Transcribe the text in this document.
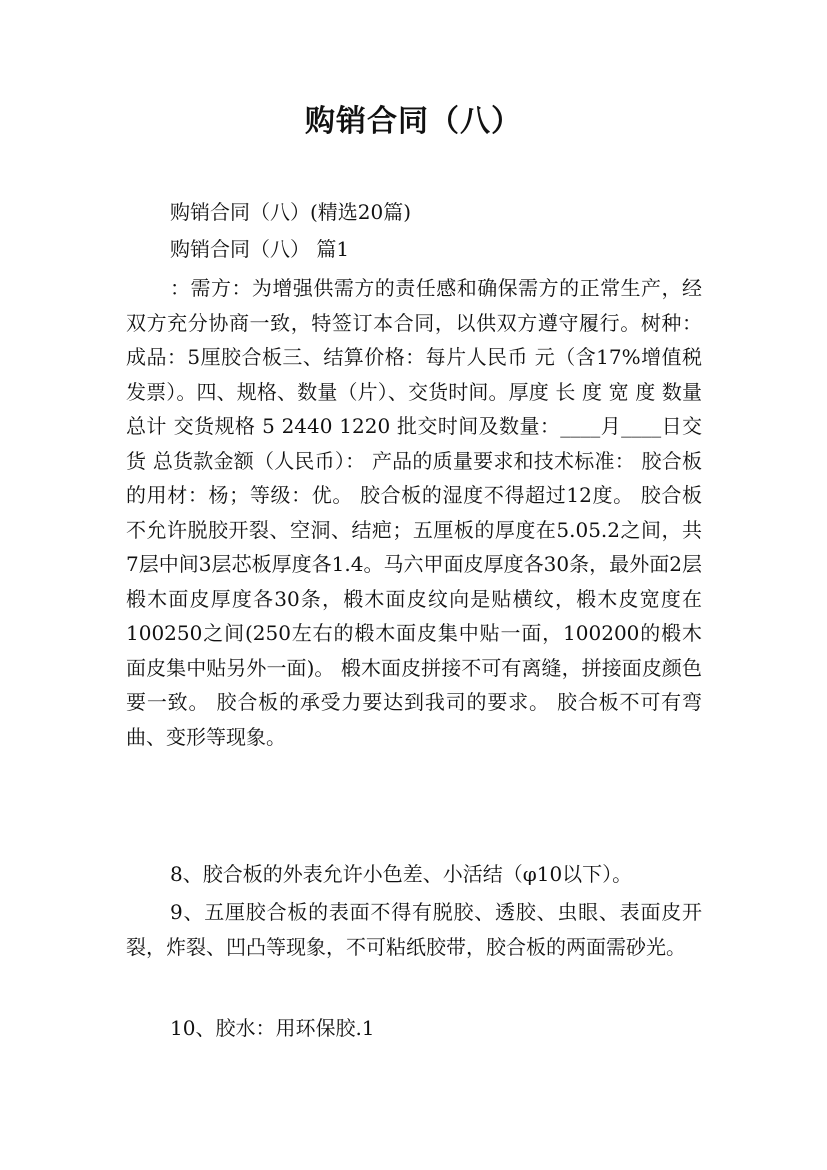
购销合同（八）

购销合同（八）(精选20篇)

购销合同（八） 篇1

：需方：为增强供需方的责任感和确保需方的正常生产，经双方充分协商一致，特签订本合同，以供双方遵守履行。树种： 成品：5厘胶合板三、结算价格：每片人民币 元（含17%增值税发票）。四、规格、数量（片）、交货时间。厚度 长 度 宽 度 数量总计 交货规格 5 2440 1220 批交时间及数量：____月____日交货 总货款金额（人民币）： 产品的质量要求和技术标准： 胶合板的用材：杨；等级：优。 胶合板的湿度不得超过12度。 胶合板不允许脱胶开裂、空洞、结疤；五厘板的厚度在5.05.2之间，共7层中间3层芯板厚度各1.4。马六甲面皮厚度各30条，最外面2层椴木面皮厚度各30条，椴木面皮纹向是贴横纹，椴木皮宽度在100250之间(250左右的椴木面皮集中贴一面，100200的椴木面皮集中贴另外一面)。 椴木面皮拼接不可有离缝，拼接面皮颜色要一致。 胶合板的承受力要达到我司的要求。 胶合板不可有弯曲、变形等现象。

8、胶合板的外表允许小色差、小活结（φ10以下）。

9、五厘胶合板的表面不得有脱胶、透胶、虫眼、表面皮开裂，炸裂、凹凸等现象，不可粘纸胶带，胶合板的两面需砂光。

10、胶水：用环保胶.1
